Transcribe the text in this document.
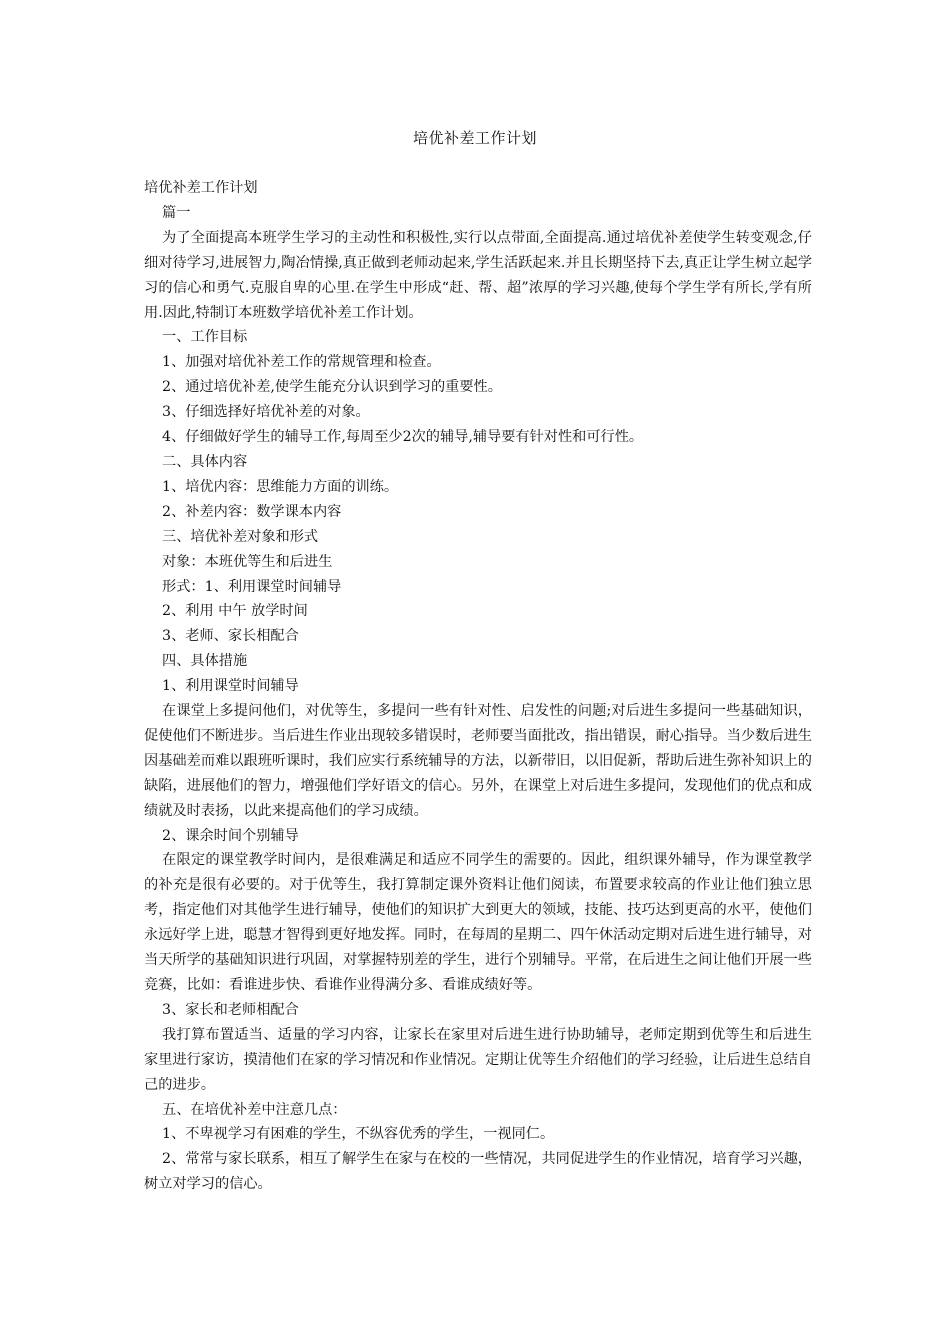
培优补差工作计划

培优补差工作计划

篇一

为了全面提高本班学生学习的主动性和积极性,实行以点带面,全面提高.通过培优补差使学生转变观念,仔细对待学习,进展智力,陶冶情操,真正做到老师动起来,学生活跃起来.并且长期坚持下去,真正让学生树立起学习的信心和勇气.克服自卑的心里.在学生中形成“赶、帮、超”浓厚的学习兴趣,使每个学生学有所长,学有所用.因此,特制订本班数学培优补差工作计划。

一、工作目标

1、加强对培优补差工作的常规管理和检查。

2、通过培优补差,使学生能充分认识到学习的重要性。

3、仔细选择好培优补差的对象。

4、仔细做好学生的辅导工作,每周至少2次的辅导,辅导要有针对性和可行性。

二、具体内容

1、培优内容：思维能力方面的训练。

2、补差内容：数学课本内容

三、培优补差对象和形式

对象：本班优等生和后进生

形式：1、利用课堂时间辅导

2、利用 中午 放学时间

3、老师、家长相配合

四、具体措施

1、利用课堂时间辅导

在课堂上多提问他们，对优等生，多提问一些有针对性、启发性的问题;对后进生多提问一些基础知识，促使他们不断进步。当后进生作业出现较多错误时，老师要当面批改，指出错误，耐心指导。当少数后进生因基础差而难以跟班听课时，我们应实行系统辅导的方法，以新带旧，以旧促新，帮助后进生弥补知识上的缺陷，进展他们的智力，增强他们学好语文的信心。另外，在课堂上对后进生多提问，发现他们的优点和成绩就及时表扬，以此来提高他们的学习成绩。

2、课余时间个别辅导

在限定的课堂教学时间内，是很难满足和适应不同学生的需要的。因此，组织课外辅导，作为课堂教学的补充是很有必要的。对于优等生，我打算制定课外资料让他们阅读，布置要求较高的作业让他们独立思考，指定他们对其他学生进行辅导，使他们的知识扩大到更大的领域，技能、技巧达到更高的水平，使他们永远好学上进，聪慧才智得到更好地发挥。同时，在每周的星期二、四午休活动定期对后进生进行辅导，对当天所学的基础知识进行巩固，对掌握特别差的学生，进行个别辅导。平常，在后进生之间让他们开展一些竞赛，比如：看谁进步快、看谁作业得满分多、看谁成绩好等。

3、家长和老师相配合

我打算布置适当、适量的学习内容，让家长在家里对后进生进行协助辅导，老师定期到优等生和后进生家里进行家访，摸清他们在家的学习情况和作业情况。定期让优等生介绍他们的学习经验，让后进生总结自己的进步。

五、在培优补差中注意几点：

1、不卑视学习有困难的学生，不纵容优秀的学生，一视同仁。

2、常常与家长联系，相互了解学生在家与在校的一些情况，共同促进学生的作业情况，培育学习兴趣，树立对学习的信心。
